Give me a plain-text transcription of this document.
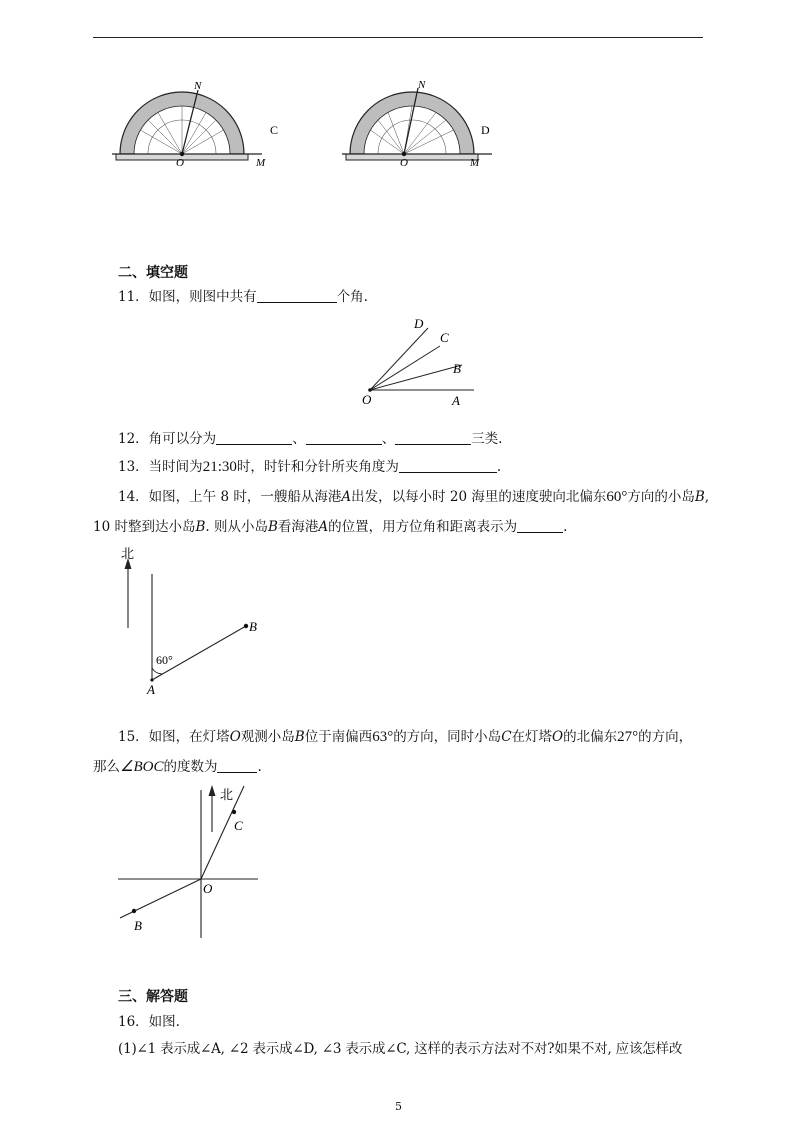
N
O	M
C
N
O	M
D
二、填空题
11．如图，则图中共有	个角.
D
C
B
O	A
12．角可以分为	、	、	三类.
13．当时间为21:30时，时针和分针所夹角度为	.
14．如图，上午 8 时，一艘船从海港A出发，以每小时 20 海里的速度驶向北偏东60°方向的小岛B,
10 时整到达小岛B. 则从小岛B看海港A的位置，用方位角和距离表示为	.
北
60°
B
A
15．如图，在灯塔O观测小岛B位于南偏西63°的方向，同时小岛C在灯塔O的北偏东27°的方向，
那么∠BOC的度数为	.
北
C
O
B
三、解答题
16．如图.
(1)∠1 表示成∠A, ∠2 表示成∠D, ∠3 表示成∠C, 这样的表示方法对不对?如果不对, 应该怎样改
5
